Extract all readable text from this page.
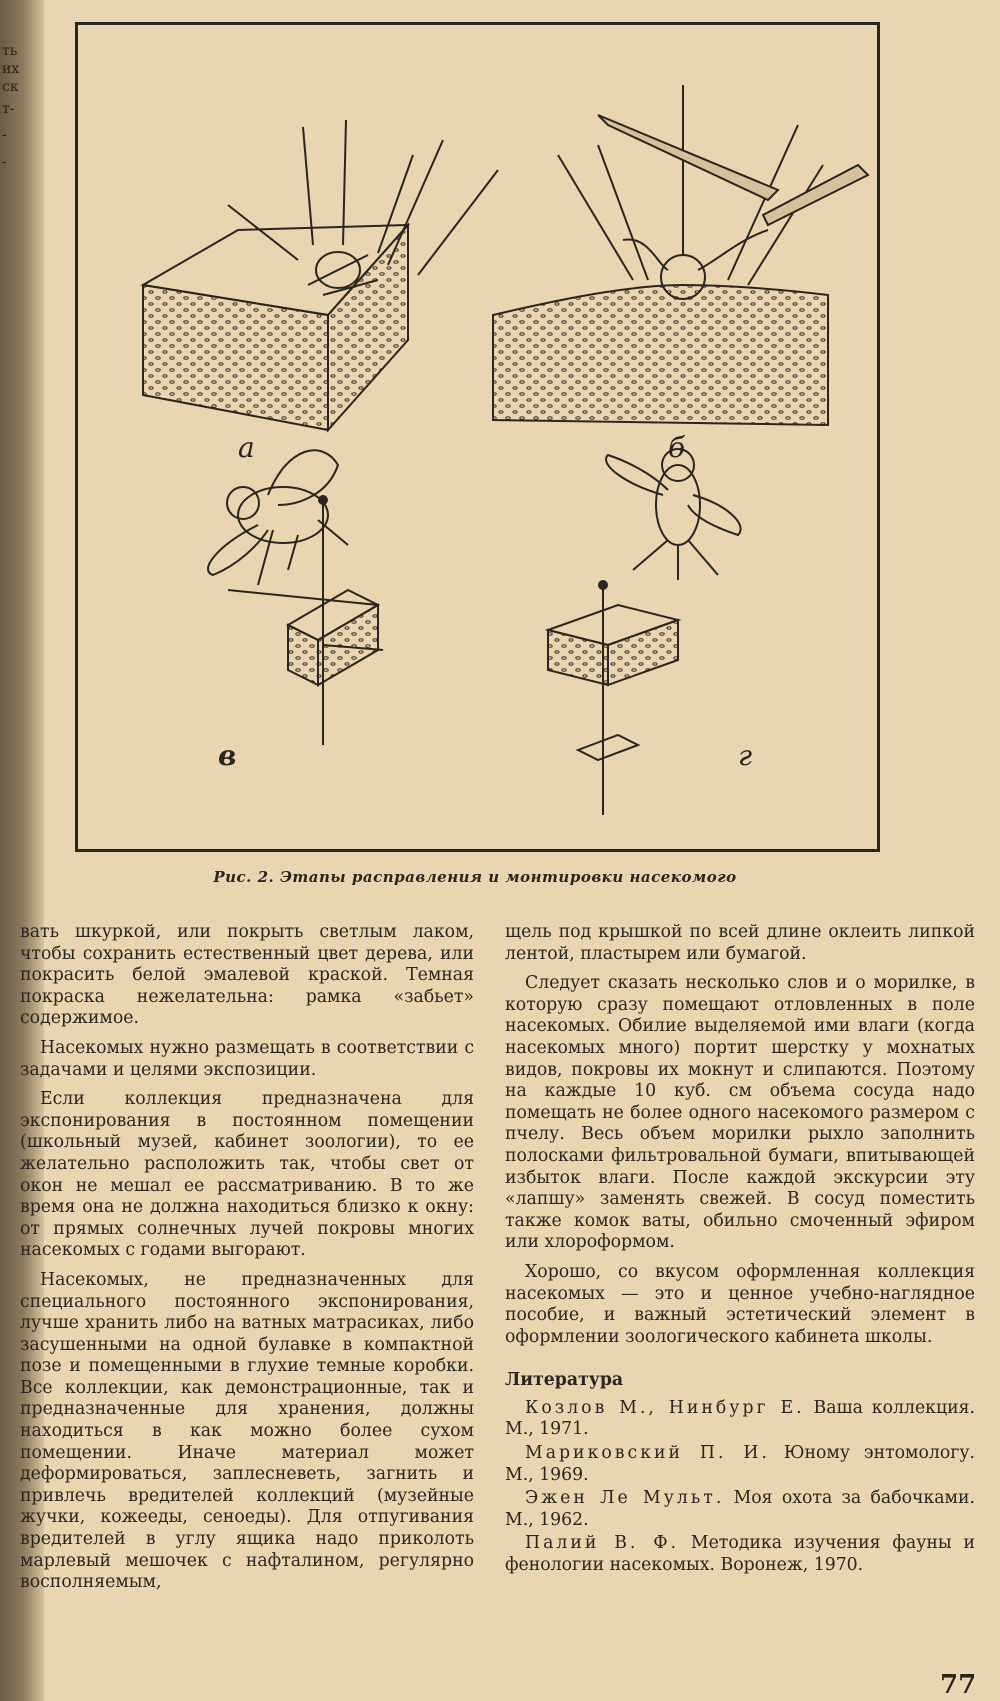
ть
их
ск
т-
-
-
а	б
в	г
Рис. 2. Этапы расправления и монтировки насекомого

вать шкуркой, или покрыть светлым лаком, чтобы сохранить естественный цвет дерева, или покрасить белой эмалевой краской. Темная покраска нежелательна: рамка «забьет» содержимое.

Насекомых нужно размещать в соответствии с задачами и целями экспозиции.

Если коллекция предназначена для экспонирования в постоянном помещении (школьный музей, кабинет зоологии), то ее желательно расположить так, чтобы свет от окон не мешал ее рассматриванию. В то же время она не должна находиться близко к окну: от прямых солнечных лучей покровы многих насекомых с годами выгорают.

Насекомых, не предназначенных для специального постоянного экспонирования, лучше хранить либо на ватных матрасиках, либо засушенными на одной булавке в компактной позе и помещенными в глухие темные коробки. Все коллекции, как демонстрационные, так и предназначенные для хранения, должны находиться в как можно более сухом помещении. Иначе материал может деформироваться, заплесневеть, загнить и привлечь вредителей коллекций (музейные жучки, кожееды, сеноеды). Для отпугивания вредителей в углу ящика надо приколоть марлевый мешочек с нафталином, регулярно восполняемым,

щель под крышкой по всей длине оклеить липкой лентой, пластырем или бумагой.

Следует сказать несколько слов и о морилке, в которую сразу помещают отловленных в поле насекомых. Обилие выделяемой ими влаги (когда насекомых много) портит шерстку у мохнатых видов, покровы их мокнут и слипаются. Поэтому на каждые 10 куб. см объема сосуда надо помещать не более одного насекомого размером с пчелу. Весь объем морилки рыхло заполнить полосками фильтровальной бумаги, впитывающей избыток влаги. После каждой экскурсии эту «лапшу» заменять свежей. В сосуд поместить также комок ваты, обильно смоченный эфиром или хлороформом.

Хорошо, со вкусом оформленная коллекция насекомых — это и ценное учебно-наглядное пособие, и важный эстетический элемент в оформлении зоологического кабинета школы.

Литература
Козлов М., Нинбург Е. Ваша коллекция. М., 1971.
Мариковский П. И. Юному энтомологу. М., 1969.
Эжен Ле Мульт. Моя охота за бабочками. М., 1962.
Палий В. Ф. Методика изучения фауны и фенологии насекомых. Воронеж, 1970.
77
